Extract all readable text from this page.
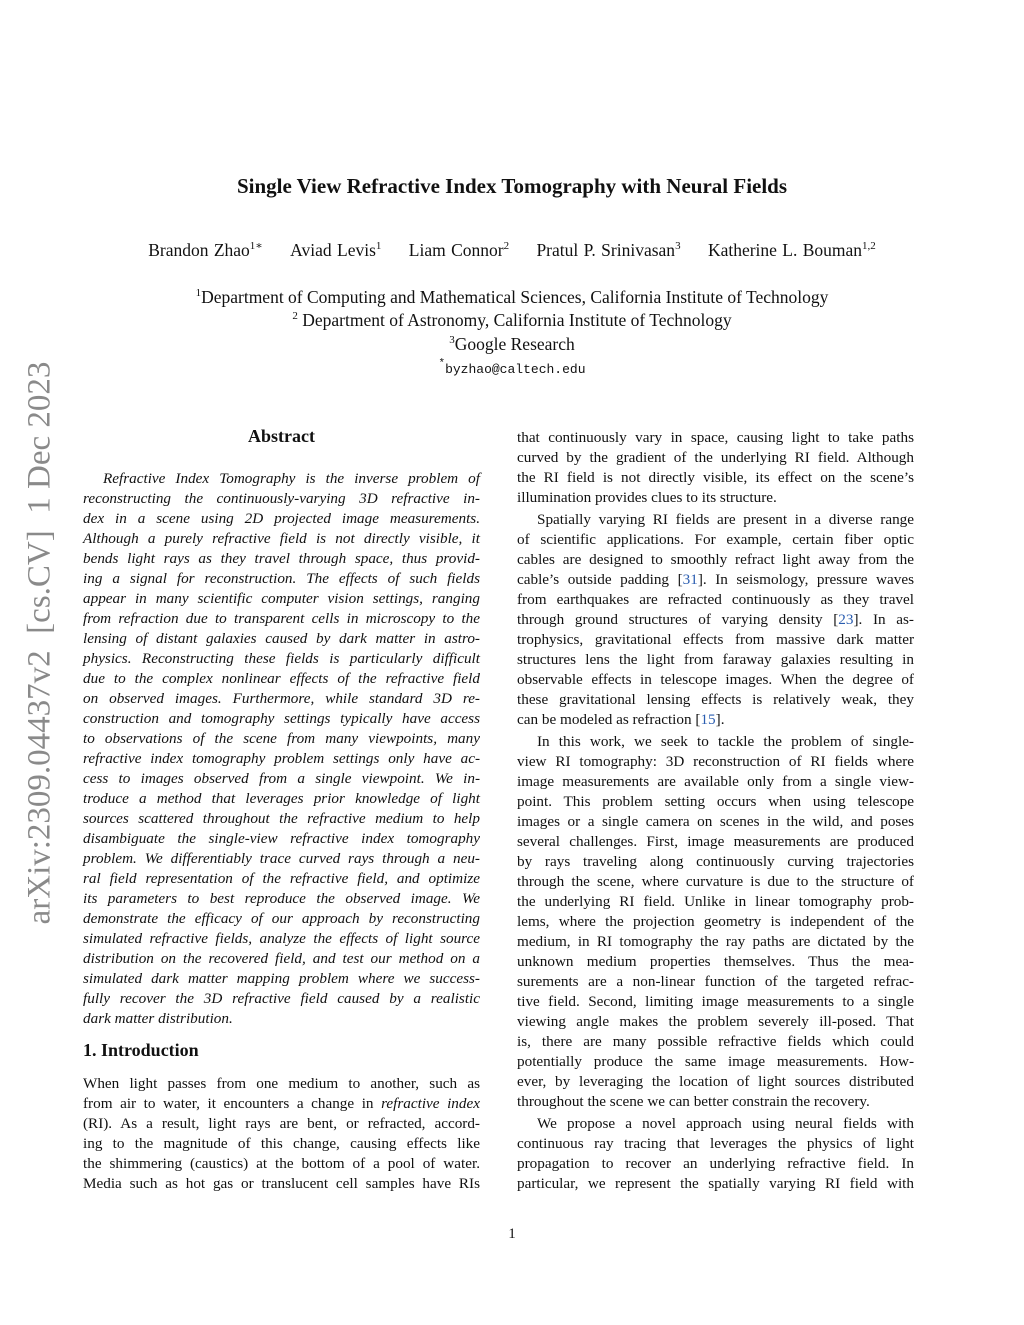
arXiv:2309.04437v2  [cs.CV]  1 Dec 2023
Single View Refractive Index Tomography with Neural Fields
Brandon Zhao$^{1∗}$ Aviad Levis$^1$ Liam Connor$^2$ Pratul P. Srinivasan$^3$ Katherine L. Bouman$^{1,2}$
$^1$Department of Computing and Mathematical Sciences, California Institute of Technology
$^2$ Department of Astronomy, California Institute of Technology
$^3$Google Research
*byzhao@caltech.edu
Abstract
Refractive Index Tomography is the inverse problem of
reconstructing the continuously-varying 3D refractive in-
dex in a scene using 2D projected image measurements.
Although a purely refractive field is not directly visible, it
bends light rays as they travel through space, thus provid-
ing a signal for reconstruction. The effects of such fields
appear in many scientific computer vision settings, ranging
from refraction due to transparent cells in microscopy to the
lensing of distant galaxies caused by dark matter in astro-
physics. Reconstructing these fields is particularly difficult
due to the complex nonlinear effects of the refractive field
on observed images. Furthermore, while standard 3D re-
construction and tomography settings typically have access
to observations of the scene from many viewpoints, many
refractive index tomography problem settings only have ac-
cess to images observed from a single viewpoint. We in-
troduce a method that leverages prior knowledge of light
sources scattered throughout the refractive medium to help
disambiguate the single-view refractive index tomography
problem. We differentiably trace curved rays through a neu-
ral field representation of the refractive field, and optimize
its parameters to best reproduce the observed image. We
demonstrate the efficacy of our approach by reconstructing
simulated refractive fields, analyze the effects of light source
distribution on the recovered field, and test our method on a
simulated dark matter mapping problem where we success-
fully recover the 3D refractive field caused by a realistic
dark matter distribution.
1. Introduction
When light passes from one medium to another, such as
from air to water, it encounters a change in refractive index
(RI). As a result, light rays are bent, or refracted, accord-
ing to the magnitude of this change, causing effects like
the shimmering (caustics) at the bottom of a pool of water.
Media such as hot gas or translucent cell samples have RIs
that continuously vary in space, causing light to take paths
curved by the gradient of the underlying RI field. Although
the RI field is not directly visible, its effect on the scene’s
illumination provides clues to its structure.
Spatially varying RI fields are present in a diverse range
of scientific applications. For example, certain fiber optic
cables are designed to smoothly refract light away from the
cable’s outside padding [31]. In seismology, pressure waves
from earthquakes are refracted continuously as they travel
through ground structures of varying density [23]. In as-
trophysics, gravitational effects from massive dark matter
structures lens the light from faraway galaxies resulting in
observable effects in telescope images. When the degree of
these gravitational lensing effects is relatively weak, they
can be modeled as refraction [15].
In this work, we seek to tackle the problem of single-
view RI tomography: 3D reconstruction of RI fields where
image measurements are available only from a single view-
point. This problem setting occurs when using telescope
images or a single camera on scenes in the wild, and poses
several challenges. First, image measurements are produced
by rays traveling along continuously curving trajectories
through the scene, where curvature is due to the structure of
the underlying RI field. Unlike in linear tomography prob-
lems, where the projection geometry is independent of the
medium, in RI tomography the ray paths are dictated by the
unknown medium properties themselves. Thus the mea-
surements are a non-linear function of the targeted refrac-
tive field. Second, limiting image measurements to a single
viewing angle makes the problem severely ill-posed. That
is, there are many possible refractive fields which could
potentially produce the same image measurements. How-
ever, by leveraging the location of light sources distributed
throughout the scene we can better constrain the recovery.
We propose a novel approach using neural fields with
continuous ray tracing that leverages the physics of light
propagation to recover an underlying refractive field. In
particular, we represent the spatially varying RI field with
1
